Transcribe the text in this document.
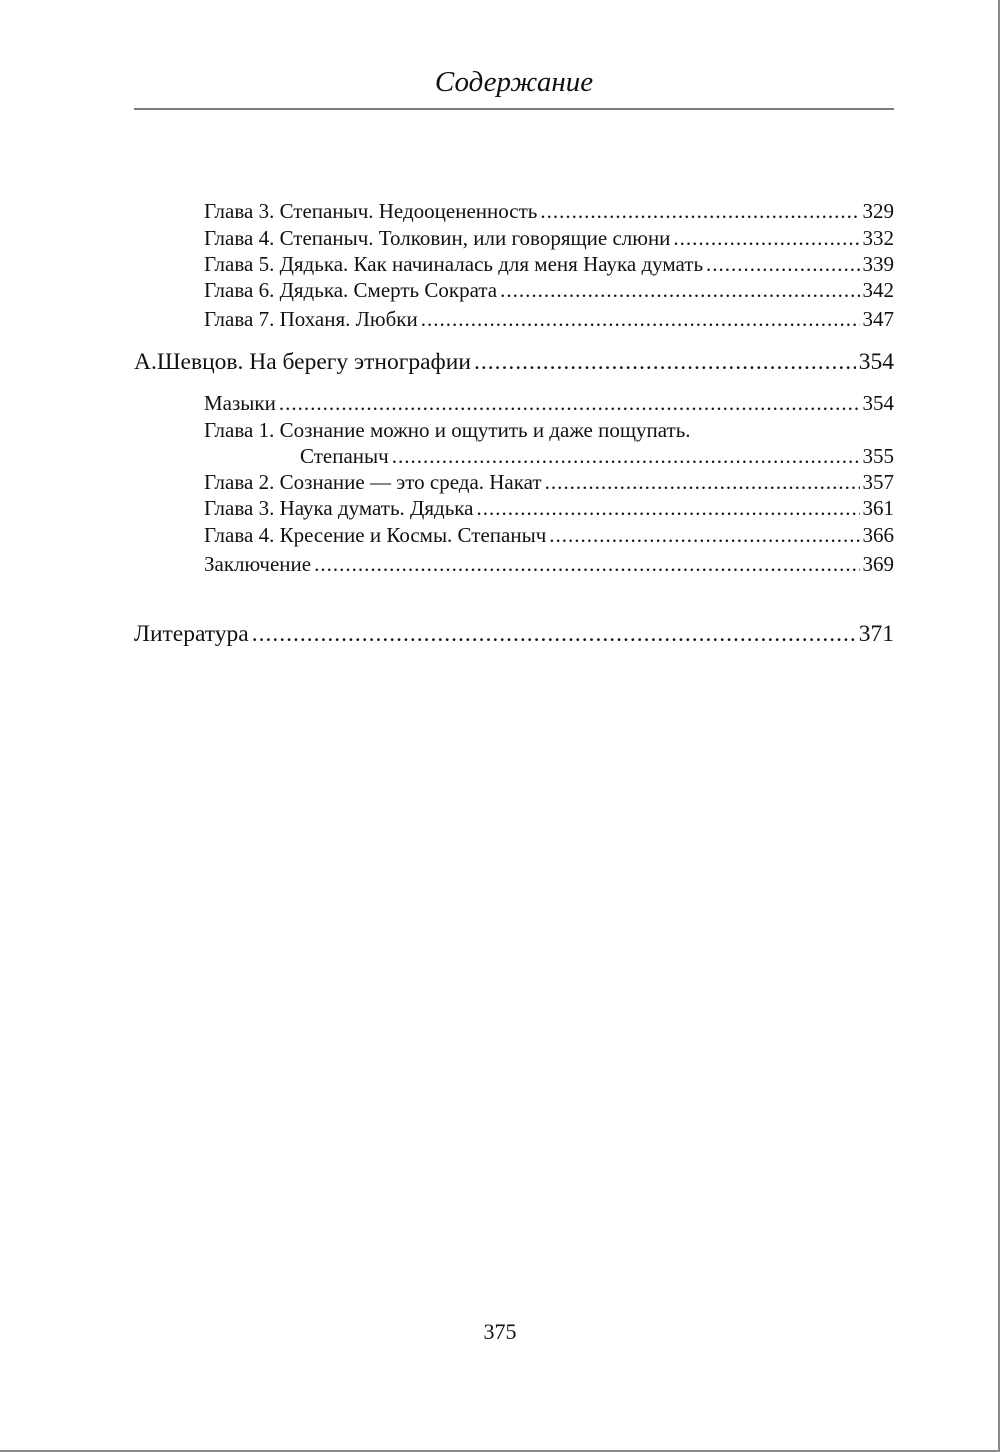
Содержание
Глава 3. Степаныч. Недооцененность .....	329
Глава 4. Степаныч. Толковин, или говорящие слюни .....	332
Глава 5. Дядька. Как начиналась для меня Наука думать .....	339
Глава 6. Дядька. Смерть Сократа .....	342
Глава 7. Поханя. Любки .....	347
А.Шевцов. На берегу этнографии .....	354
Мазыки .....	354
Глава 1. Сознание можно и ощутить и даже пощупать.
Степаныч .....	355
Глава 2. Сознание — это среда. Накат .....	357
Глава 3. Наука думать. Дядька .....	361
Глава 4. Кресение и Космы. Степаныч .....	366
Заключение .....	369
Литература .....	371
375
